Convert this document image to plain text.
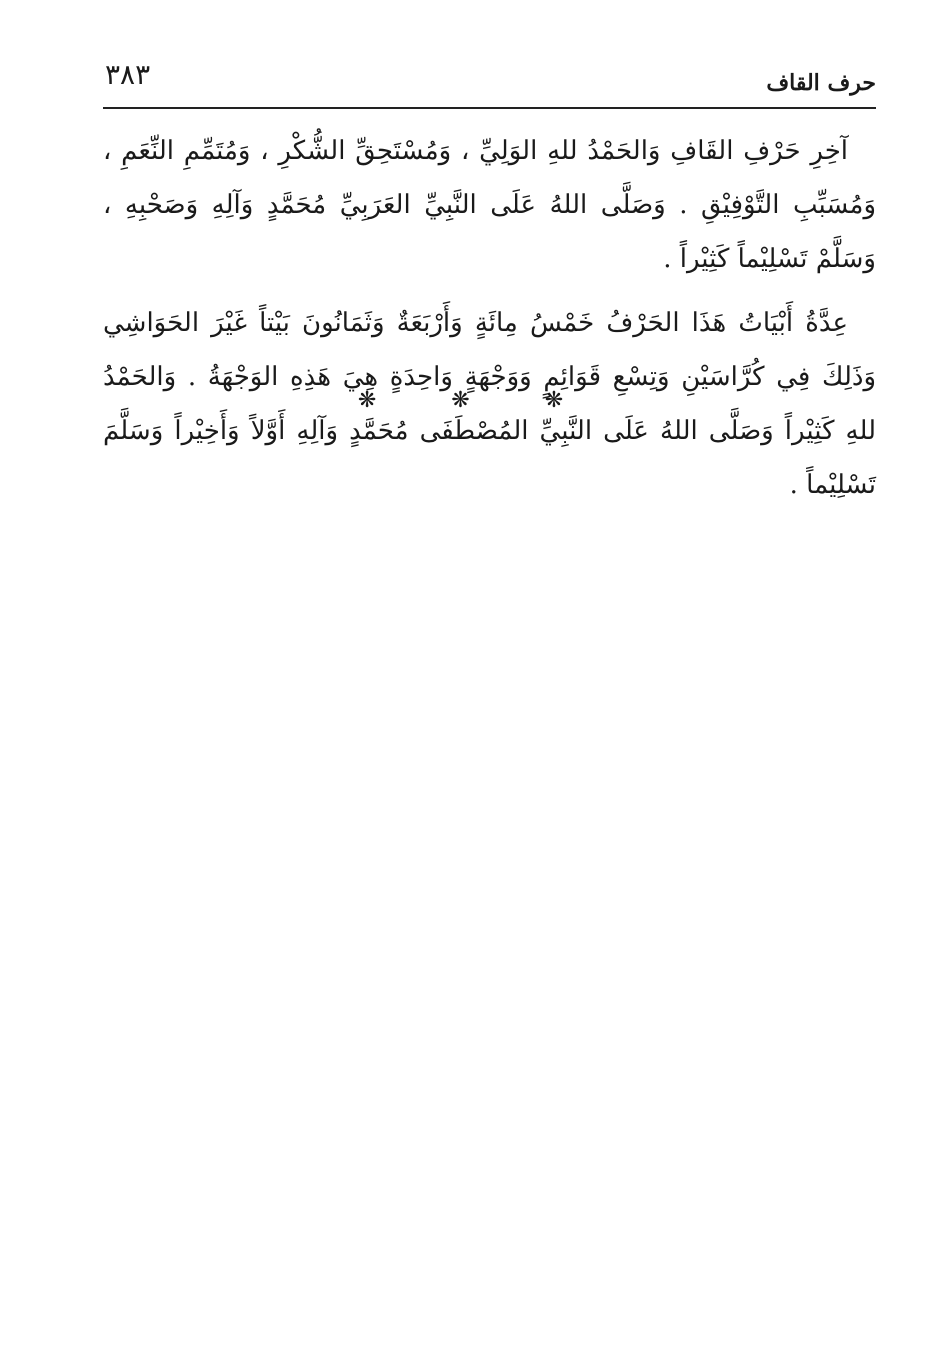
٣٨٣	حرف القاف

آخِرِ حَرْفِ القَافِ وَالحَمْدُ للهِ الوَلِيِّ ، وَمُسْتَحِقِّ الشُّكْرِ ، وَمُتَمِّمِ النِّعَمِ ، وَمُسَبِّبِ التَّوْفِيْقِ . وَصَلَّى اللهُ عَلَى النَّبِيِّ العَرَبِيِّ مُحَمَّدٍ وَآلِهِ وَصَحْبِهِ ، وَسَلَّمْ تَسْلِيْماً كَثِيْراً .

عِدَّةُ أَبْيَاتُ هَذَا الحَرْفُ خَمْسُ مِائَةٍ وَأَرْبَعَةٌ وَثَمَانُونَ بَيْتاً غَيْرَ الحَوَاشِي وَذَلِكَ فِي كُرَّاسَيْنِ وَتِسْعِ قَوَائِمٍ وَوَجْهَةٍ وَاحِدَةٍ هِيَ هَذِهِ الوَجْهَةُ . وَالحَمْدُ للهِ كَثِيْراً وَصَلَّى اللهُ عَلَى النَّبِيِّ المُصْطَفَى مُحَمَّدٍ وَآلِهِ أَوَّلاً وَأَخِيْراً وَسَلَّمَ تَسْلِيْماً .

❋ ❋ ❋
